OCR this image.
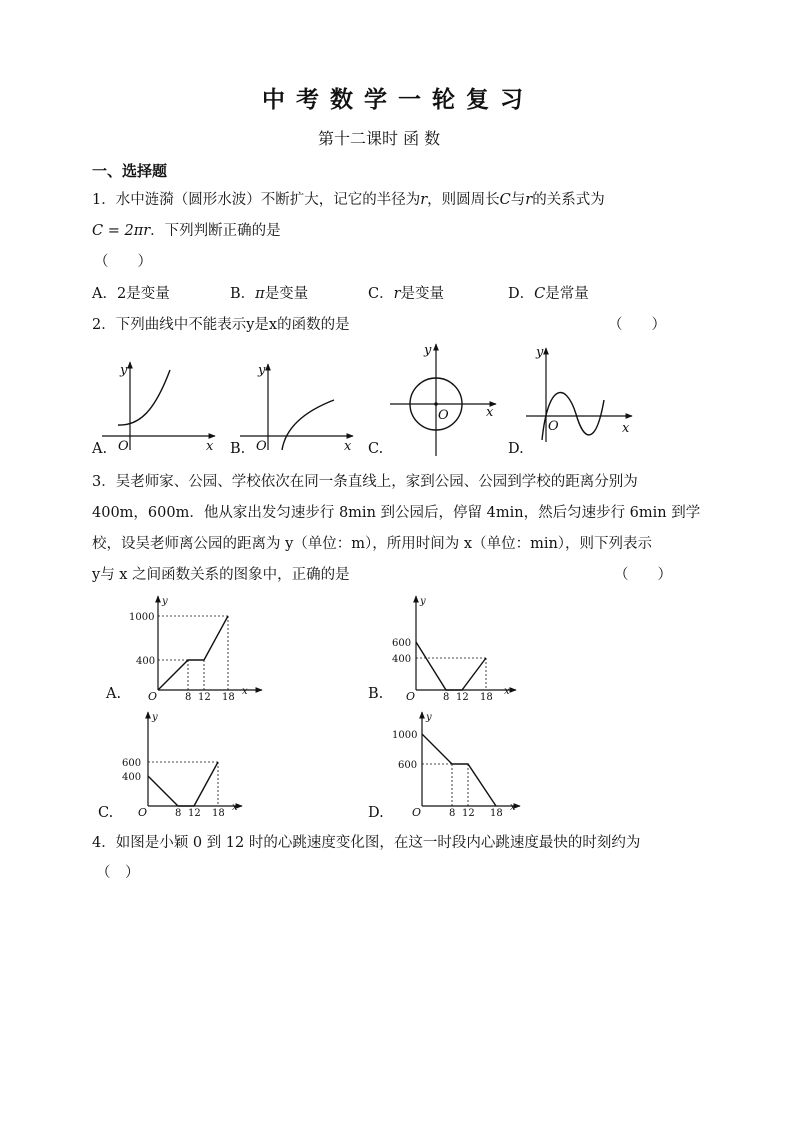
中考数学一轮复习
第十二课时 函 数
一、选择题
1．水中涟漪（圆形水波）不断扩大，记它的半径为r，则圆周长C与r的关系式为
C = 2πr．下列判断正确的是
（　　）
A．2是变量	B．π是变量	C．r是变量	D．C是常量
2．下列曲线中不能表示y是x的函数的是	（　　）
y
x
O
A.
y
x
O
B.
y
x
O
C.
y
x
O
D.
3．吴老师家、公园、学校依次在同一条直线上，家到公园、公园到学校的距离分别为
400m，600m．他从家出发匀速步行 8min 到公园后，停留 4min，然后匀速步行 6min 到学
校，设吴老师离公园的距离为 y（单位：m），所用时间为 x（单位：min），则下列表示
y与 x 之间函数关系的图象中，正确的是	（　　）
1000
400
O	8 12 18
x
y
A.
600
400
O	8 12 18
x
y
B.
600
400
O	8 12 18
x
y
C.
1000
600
O	8 12 18
x
y
D.
4．如图是小颖 0 到 12 时的心跳速度变化图，在这一时段内心跳速度最快的时刻约为
（　）
